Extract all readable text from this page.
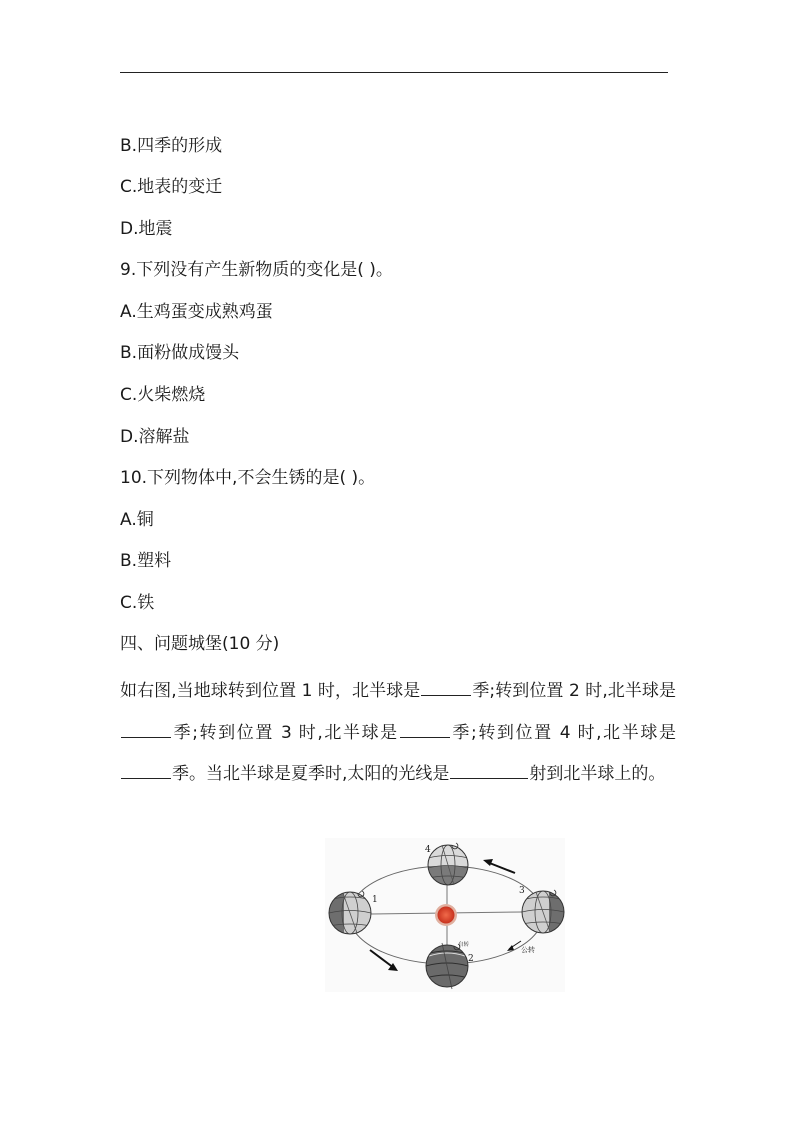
B.四季的形成
C.地表的变迁
D.地震
9.下列没有产生新物质的变化是( )。
A.生鸡蛋变成熟鸡蛋
B.面粉做成馒头
C.火柴燃烧
D.溶解盐
10.下列物体中,不会生锈的是( )。
A.铜
B.塑料
C.铁
四、问题城堡(10 分)
如右图,当地球转到位置 1 时，北半球是	季;转到位置 2 时,北半球是季;转到位置 3 时,北半球是	季;转到位置 4 时,北半球是季。当北半球是夏季时,太阳的光线是	射到北半球上的。
4
1
2
3
自转
公转
